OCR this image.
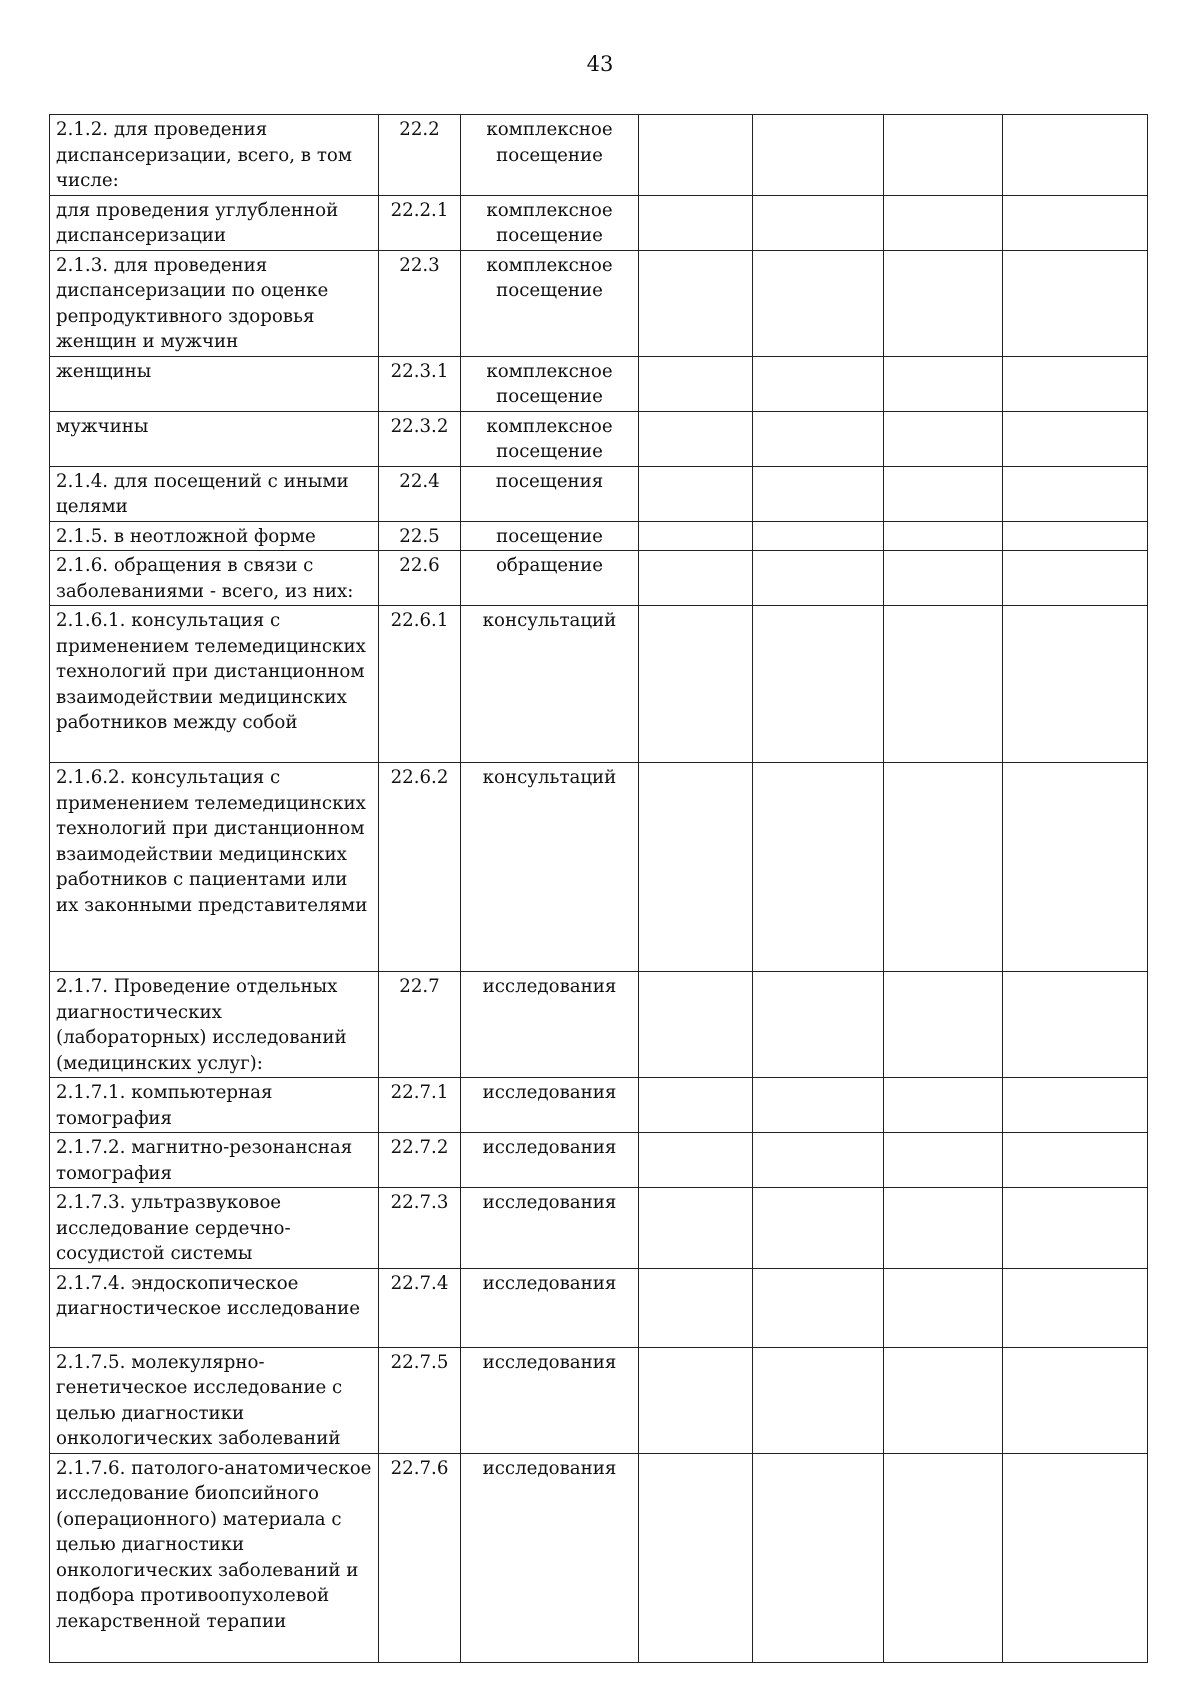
43
2.1.2. для проведения диспансеризации, всего, в том числе:	22.2	комплексное посещение				
для проведения углубленной диспансеризации	22.2.1	комплексное посещение				
2.1.3. для проведения диспансеризации по оценке репродуктивного здоровья женщин и мужчин	22.3	комплексное посещение				
женщины	22.3.1	комплексное посещение				
мужчины	22.3.2	комплексное посещение				
2.1.4. для посещений с иными целями	22.4	посещения				
2.1.5. в неотложной форме	22.5	посещение				
2.1.6. обращения в связи с заболеваниями - всего, из них:	22.6	обращение				
2.1.6.1. консультация с применением телемедицинских технологий при дистанционном взаимодействии медицинских работников между собой	22.6.1	консультаций				
2.1.6.2. консультация с применением телемедицинских технологий при дистанционном взаимодействии медицинских работников с пациентами или их законными представителями	22.6.2	консультаций				
2.1.7. Проведение отдельных диагностических (лабораторных) исследований (медицинских услуг):	22.7	исследования				
2.1.7.1. компьютерная томография	22.7.1	исследования				
2.1.7.2. магнитно-резонансная томография	22.7.2	исследования				
2.1.7.3. ультразвуковое исследование сердечно-сосудистой системы	22.7.3	исследования				
2.1.7.4. эндоскопическое диагностическое исследование	22.7.4	исследования				
2.1.7.5. молекулярно-генетическое исследование с целью диагностики онкологических заболеваний	22.7.5	исследования				
2.1.7.6. патолого-анатомическое исследование биопсийного (операционного) материала с целью диагностики онкологических заболеваний и подбора противоопухолевой лекарственной терапии	22.7.6	исследования				
